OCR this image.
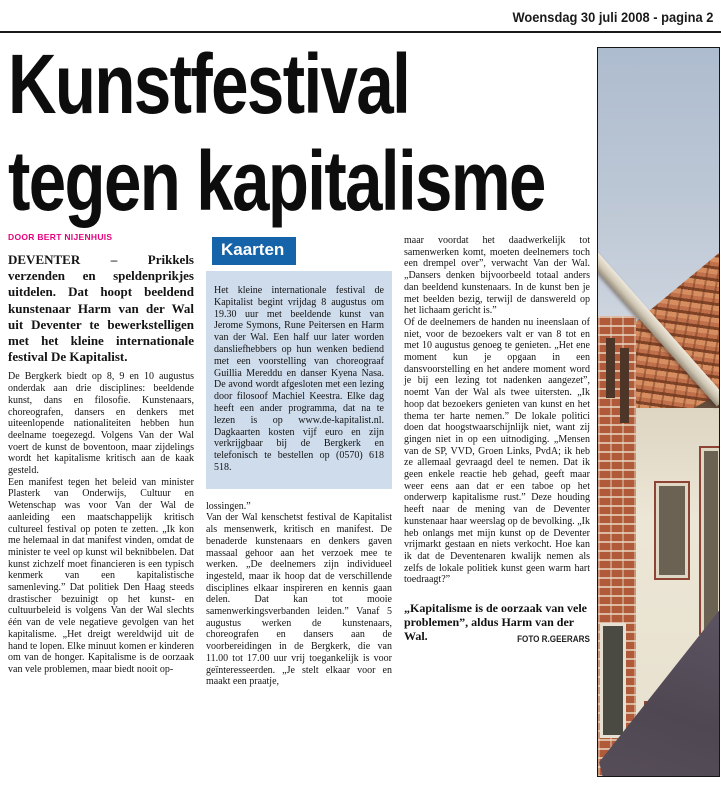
Woensdag 30 juli 2008 - pagina 2
Kunstfestival
tegen kapitalisme
DOOR BERT NIJENHUIS

DEVENTER – Prikkels verzenden en speldenprikjes uitdelen. Dat hoopt beeldend kunstenaar Harm van der Wal uit Deventer te bewerkstelligen met het kleine internationale festival De Kapitalist.

De Bergkerk biedt op 8, 9 en 10 augustus onderdak aan drie disciplines: beeldende kunst, dans en filosofie. Kunstenaars, choreografen, dansers en denkers met uiteenlopende nationaliteiten hebben hun deelname toegezegd. Volgens Van der Wal voert de kunst de boventoon, maar zijdelings wordt het kapitalisme kritisch aan de kaak gesteld.

Een manifest tegen het beleid van minister Plasterk van Onderwijs, Cultuur en Wetenschap was voor Van der Wal de aanleiding een maatschappelijk kritisch cultureel festival op poten te zetten. „Ik kon me helemaal in dat manifest vinden, omdat de minister te veel op kunst wil beknibbelen. Dat kunst zichzelf moet financieren is een typisch kenmerk van een kapitalistische samenleving.” Dat politiek Den Haag steeds drastischer bezuinigt op het kunst- en cultuurbeleid is volgens Van der Wal slechts één van de vele negatieve gevolgen van het kapitalisme. „Het dreigt wereldwijd uit de hand te lopen. Elke minuut komen er kinderen om van de honger. Kapitalisme is de oorzaak van vele problemen, maar biedt nooit op-

Kaarten

Het kleine internationale festival de Kapitalist begint vrijdag 8 augustus om 19.30 uur met beeldende kunst van Jerome Symons, Rune Peitersen en Harm van der Wal. Een half uur later worden dansliefhebbers op hun wenken bediend met een voorstelling van choreograaf Guillia Mereddu en danser Kyena Nasa. De avond wordt afgesloten met een lezing door filosoof Machiel Keestra. Elke dag heeft een ander programma, dat na te lezen is op www.de-kapitalist.nl. Dagkaarten kosten vijf euro en zijn verkrijgbaar bij de Bergkerk en telefonisch te bestellen op (0570) 618 518.

lossingen.”

Van der Wal kenschetst festival de Kapitalist als mensenwerk, kritisch en manifest. De benaderde kunstenaars en denkers gaven massaal gehoor aan het verzoek mee te werken. „De deelnemers zijn individueel ingesteld, maar ik hoop dat de verschillende disciplines elkaar inspireren en kennis gaan delen. Dat kan tot mooie samenwerkingsverbanden leiden.” Vanaf 5 augustus werken de kunstenaars, choreografen en dansers aan de voorbereidingen in de Bergkerk, die van 11.00 tot 17.00 uur vrij toegankelijk is voor geïnteresseerden. „Je stelt elkaar voor en maakt een praatje,

maar voordat het daadwerkelijk tot samenwerken komt, moeten deelnemers toch een drempel over”, verwacht Van der Wal. „Dansers denken bijvoorbeeld totaal anders dan beeldend kunstenaars. In de kunst ben je met beelden bezig, terwijl de danswereld op het lichaam gericht is.”

Of de deelnemers de handen nu ineenslaan of niet, voor de bezoekers valt er van 8 tot en met 10 augustus genoeg te genieten. „Het ene moment kun je opgaan in een dansvoorstelling en het andere moment word je bij een lezing tot nadenken aangezet”, noemt Van der Wal als twee uitersten. „Ik hoop dat bezoekers genieten van kunst en het thema ter harte nemen.” De lokale politici doen dat hoogstwaarschijnlijk niet, want zij gingen niet in op een uitnodiging. „Mensen van de SP, VVD, Groen Links, PvdA; ik heb ze allemaal gevraagd deel te nemen. Dat ik geen enkele reactie heb gehad, geeft maar weer eens aan dat er een taboe op het onderwerp kapitalisme rust.” Deze houding heeft naar de mening van de Deventer kunstenaar haar weerslag op de bevolking. „Ik heb onlangs met mijn kunst op de Deventer vrijmarkt gestaan en niets verkocht. Hoe kan ik dat de Deventenaren kwalijk nemen als zelfs de lokale politiek kunst geen warm hart toedraagt?”

„Kapitalisme is de oorzaak van vele problemen”, aldus Harm van der Wal.	FOTO R.GEERARS
